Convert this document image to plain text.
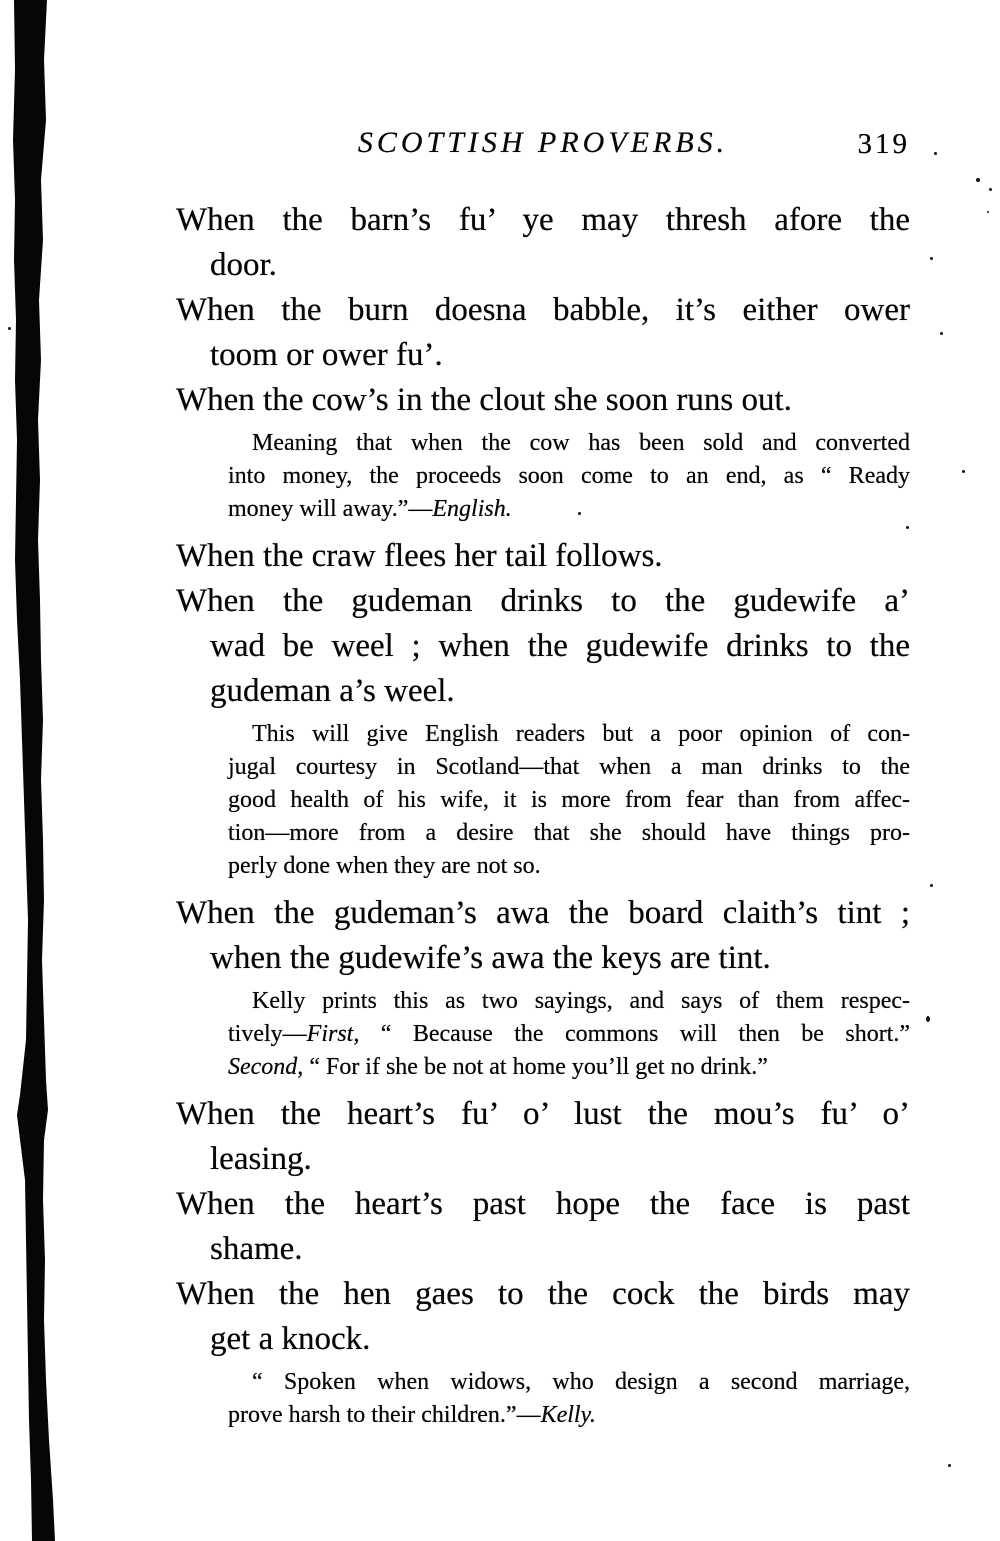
SCOTTISH PROVERBS.	319
When the barn’s fu’ ye may thresh afore the
door.
When the burn doesna babble, it’s either ower
toom or ower fu’.
When the cow’s in the clout she soon runs out.
Meaning that when the cow has been sold and converted
into money, the proceeds soon come to an end, as “ Ready
money will away.”—English.
When the craw flees her tail follows.
When the gudeman drinks to the gudewife a’
wad be weel ; when the gudewife drinks to the
gudeman a’s weel.
This will give English readers but a poor opinion of con-
jugal courtesy in Scotland—that when a man drinks to the
good health of his wife, it is more from fear than from affec-
tion—more from a desire that she should have things pro-
perly done when they are not so.
When the gudeman’s awa the board claith’s tint ;
when the gudewife’s awa the keys are tint.
Kelly prints this as two sayings, and says of them respec-
tively—First, “ Because the commons will then be short.”
Second, “ For if she be not at home you’ll get no drink.”
When the heart’s fu’ o’ lust the mou’s fu’ o’
leasing.
When the heart’s past hope the face is past
shame.
When the hen gaes to the cock the birds may
get a knock.
“ Spoken when widows, who design a second marriage,
prove harsh to their children.”—Kelly.
